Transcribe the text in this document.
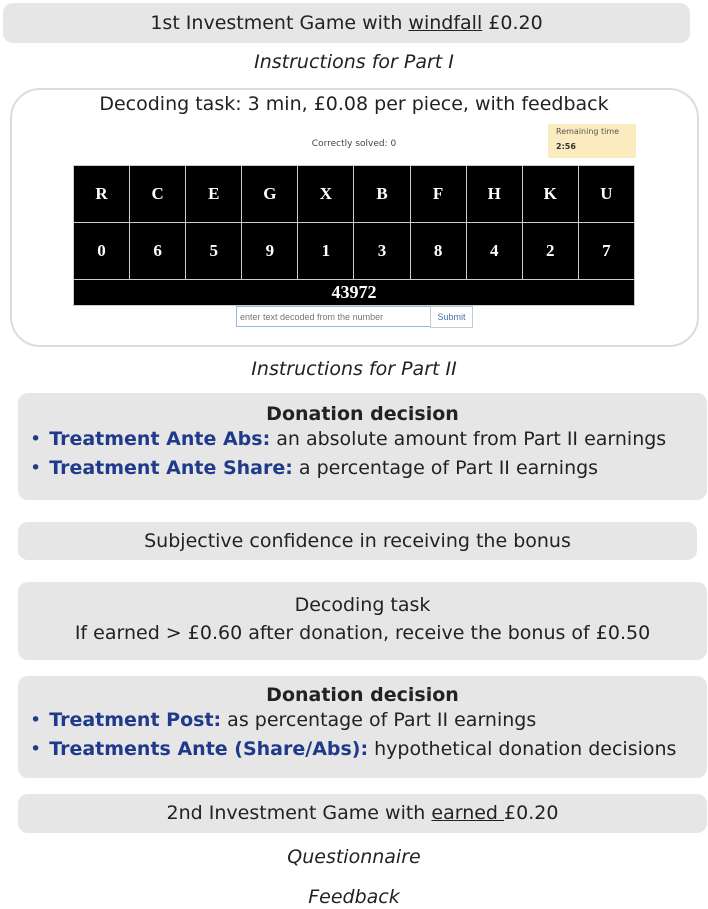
1st Investment Game with windfall £0.20
Instructions for Part I
Decoding task: 3 min, £0.08 per piece, with feedback
Correctly solved: 0
Remaining time
2:56
R	C	E	G	X	B	F	H	K	U
0	6	5	9	1	3	8	4	2	7
43972									
enter text decoded from the number
Submit
Instructions for Part II
Donation decision
• Treatment Ante Abs: an absolute amount from Part II earnings
• Treatment Ante Share: a percentage of Part II earnings
Subjective confidence in receiving the bonus
Decoding task
If earned > £0.60 after donation, receive the bonus of £0.50
Donation decision
• Treatment Post: as percentage of Part II earnings
• Treatments Ante (Share/Abs): hypothetical donation decisions
2nd Investment Game with earned £0.20
Questionnaire
Feedback
